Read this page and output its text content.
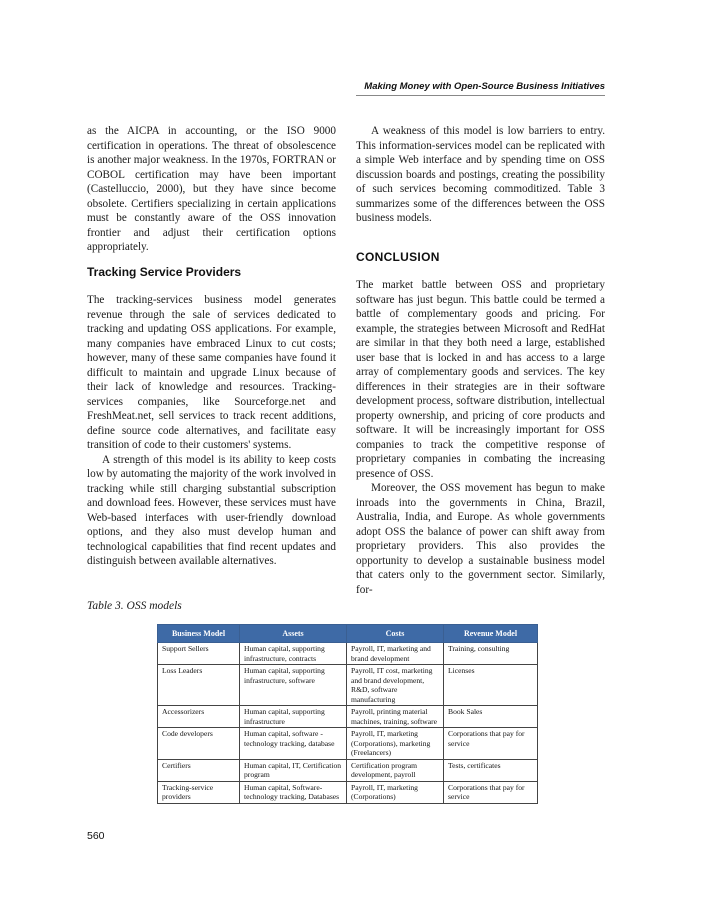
Making Money with Open-Source Business Initiatives

as the AICPA in accounting, or the ISO 9000 certification in operations. The threat of obsolescence is another major weakness. In the 1970s, FORTRAN or COBOL certification may have been important (Castelluccio, 2000), but they have since become obsolete. Certifiers specializing in certain applications must be constantly aware of the OSS innovation frontier and adjust their certification options appropriately.

Tracking Service Providers

The tracking-services business model generates revenue through the sale of services dedicated to tracking and updating OSS applications. For example, many companies have embraced Linux to cut costs; however, many of these same companies have found it difficult to maintain and upgrade Linux because of their lack of knowledge and resources. Tracking-services companies, like Sourceforge.net and FreshMeat.net, sell services to track recent additions, define source code alternatives, and facilitate easy transition of code to their customers' systems.

A strength of this model is its ability to keep costs low by automating the majority of the work involved in tracking while still charging substantial subscription and download fees. However, these services must have Web-based interfaces with user-friendly download options, and they also must develop human and technological capabilities that find recent updates and distinguish between available alternatives.

A weakness of this model is low barriers to entry. This information-services model can be replicated with a simple Web interface and by spending time on OSS discussion boards and postings, creating the possibility of such services becoming commoditized. Table 3 summarizes some of the differences between the OSS business models.

CONCLUSION

The market battle between OSS and proprietary software has just begun. This battle could be termed a battle of complementary goods and pricing. For example, the strategies between Microsoft and RedHat are similar in that they both need a large, established user base that is locked in and has access to a large array of complementary goods and services. The key differences in their strategies are in their software development process, software distribution, intellectual property ownership, and pricing of core products and software. It will be increasingly important for OSS companies to track the competitive response of proprietary companies in combating the increasing presence of OSS.

Moreover, the OSS movement has begun to make inroads into the governments in China, Brazil, Australia, India, and Europe. As whole governments adopt OSS the balance of power can shift away from proprietary providers. This also provides the opportunity to develop a sustainable business model that caters only to the government sector. Similarly, for-

Table 3. OSS models
Business Model	Assets	Costs	Revenue Model
Support Sellers	Human capital, supporting infrastructure, contracts	Payroll, IT, marketing and brand development	Training, consulting
Loss Leaders	Human capital, supporting infrastructure, software	Payroll, IT cost, marketing and brand development, R&D, software manufacturing	Licenses
Accessorizers	Human capital, supporting infrastructure	Payroll, printing material machines, training, software	Book Sales
Code developers	Human capital, software - technology tracking, database	Payroll, IT, marketing (Corporations), marketing (Freelancers)	Corporations that pay for service
Certifiers	Human capital, IT, Certification program	Certification program development, payroll	Tests, certificates
Tracking-service providers	Human capital, Software-technology tracking, Databases	Payroll, IT, marketing (Corporations)	Corporations that pay for service
560
